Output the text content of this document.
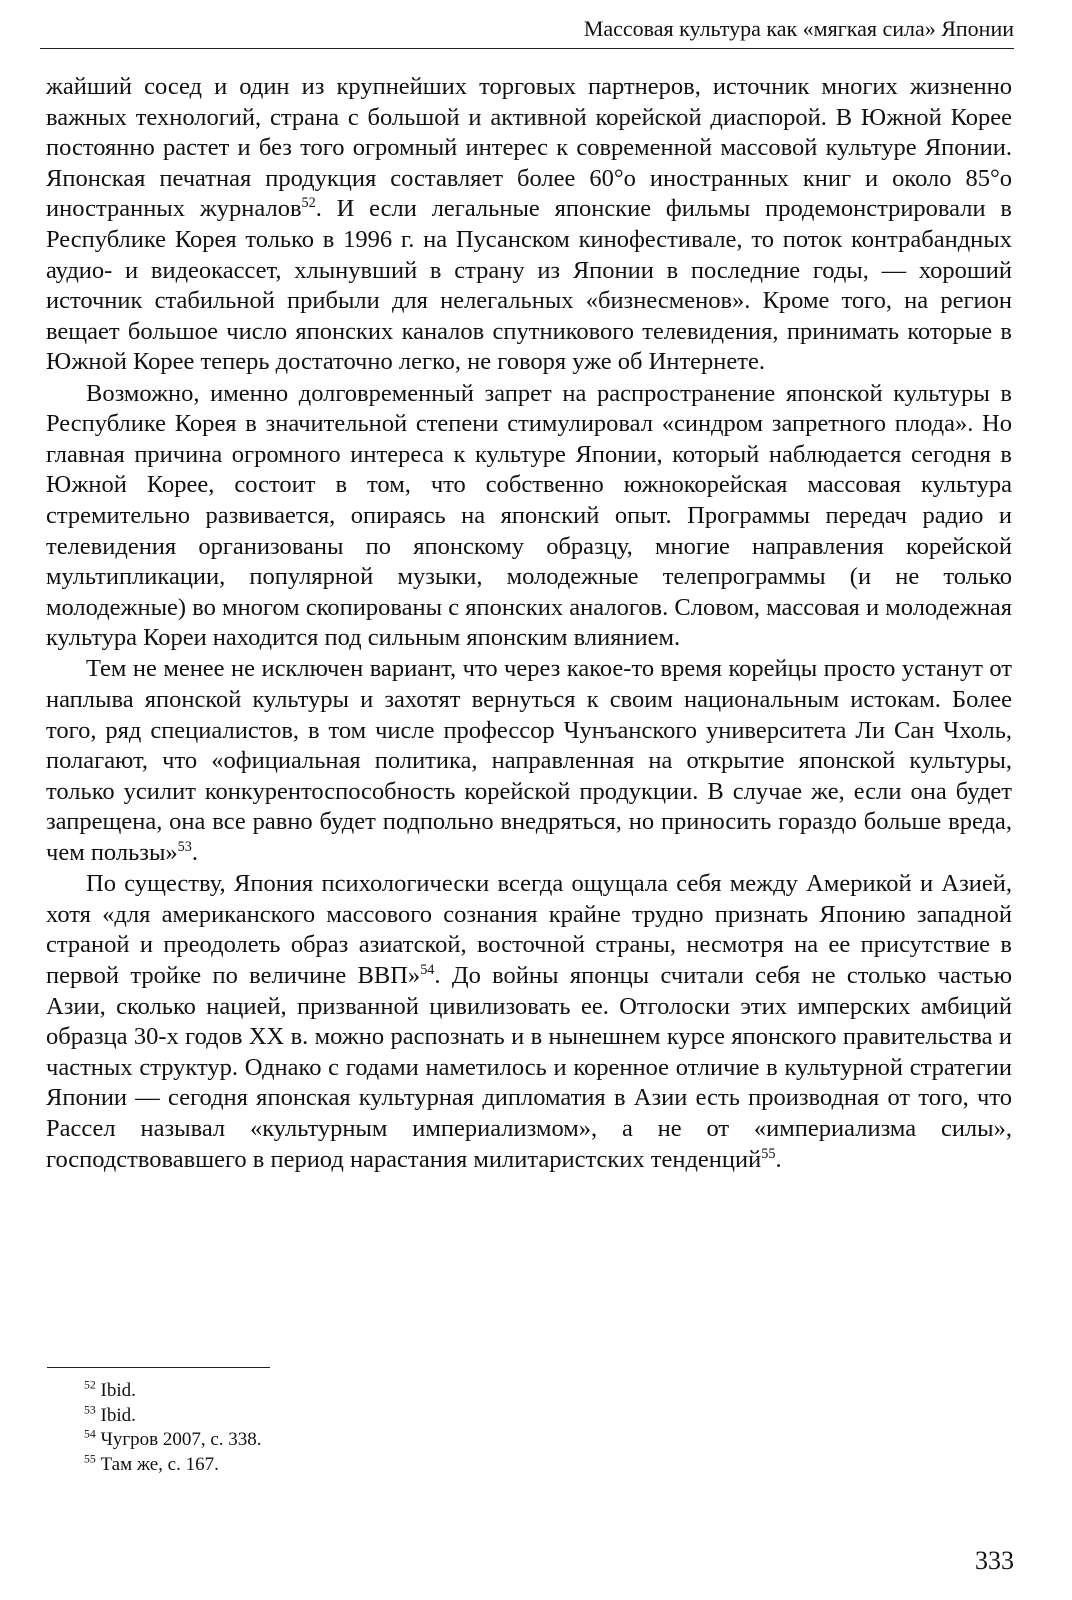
Массовая культура как «мягкая сила» Японии

жайший сосед и один из крупнейших торговых партнеров, источник многих жизненно важных технологий, страна с большой и активной корейской диаспорой. В Южной Корее постоянно растет и без того огромный интерес к современной массовой культуре Японии. Японская печатная продукция составляет более 60°о иностранных книг и около 85°о иностранных журналов$^{52}$. И если легальные японские фильмы продемонстрировали в Республике Корея только в 1996 г. на Пусанском кинофестивале, то поток контрабандных аудио- и видеокассет, хлынувший в страну из Японии в последние годы, — хороший источник стабильной прибыли для нелегальных «бизнесменов». Кроме того, на регион вещает большое число японских каналов спутникового телевидения, принимать которые в Южной Корее теперь достаточно легко, не говоря уже об Интернете.

Возможно, именно долговременный запрет на распространение японской культуры в Республике Корея в значительной степени стимулировал «синдром запретного плода». Но главная причина огромного интереса к культуре Японии, который наблюдается сегодня в Южной Корее, состоит в том, что собственно южнокорейская массовая культура стремительно развивается, опираясь на японский опыт. Программы передач радио и телевидения организованы по японскому образцу, многие направления корейской мультипликации, популярной музыки, молодежные телепрограммы (и не только молодежные) во многом скопированы с японских аналогов. Словом, массовая и молодежная культура Кореи находится под сильным японским влиянием.

Тем не менее не исключен вариант, что через какое-то время корейцы просто устанут от наплыва японской культуры и захотят вернуться к своим национальным истокам. Более того, ряд специалистов, в том числе профессор Чунъанского университета Ли Сан Чхоль, полагают, что «официальная политика, направленная на открытие японской культуры, только усилит конкурентоспособность корейской продукции. В случае же, если она будет запрещена, она все равно будет подпольно внедряться, но приносить гораздо больше вреда, чем пользы»$^{53}$.

По существу, Япония психологически всегда ощущала себя между Америкой и Азией, хотя «для американского массового сознания крайне трудно признать Японию западной страной и преодолеть образ азиатской, восточной страны, несмотря на ее присутствие в первой тройке по величине ВВП»$^{54}$. До войны японцы считали себя не столько частью Азии, сколько нацией, призванной цивилизовать ее. Отголоски этих имперских амбиций образца 30-х годов XX в. можно распознать и в нынешнем курсе японского правительства и частных структур. Однако с годами наметилось и коренное отличие в культурной стратегии Японии — сегодня японская культурная дипломатия в Азии есть производная от того, что Рассел называл «культурным империализмом», а не от «империализма силы», господствовавшего в период нарастания милитаристских тенденций$^{55}$.

$^{52}$ Ibid.

$^{53}$ Ibid.

$^{54}$ Чугров 2007, с. 338.

$^{55}$ Там же, с. 167.

333
